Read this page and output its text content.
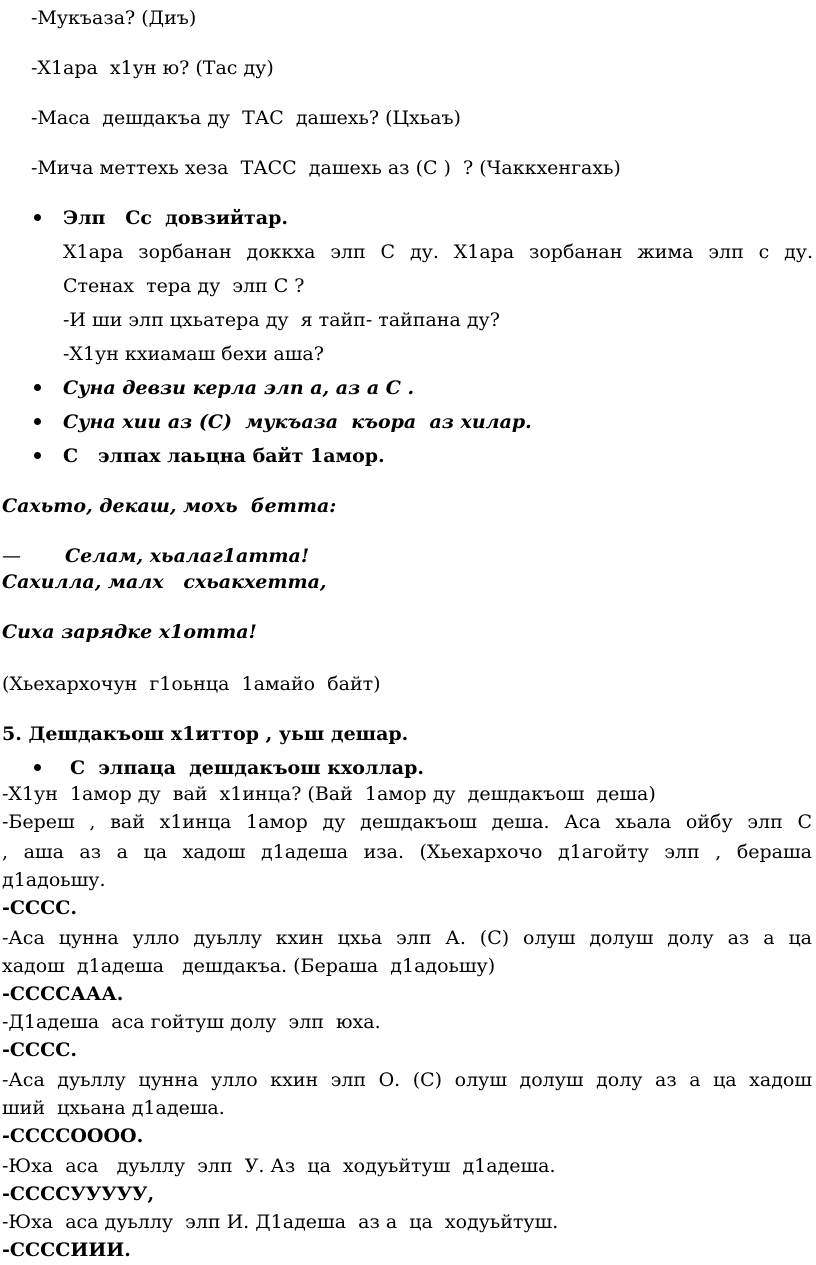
-Мукъаза? (Диъ)
-Х1ара  х1ун ю? (Тас ду)
-Маса  дешдакъа ду  ТАС  дашехь? (Цхьаъ)
-Мича меттехь хеза  ТАСС  дашехь аз (С )  ? (Чаккхенгахь)
Элп   Сс  довзийтар.
Х1ара зорбанан доккха элп С ду. Х1ара зорбанан жима элп с ду.
Стенах  тера ду  элп С ?
-И ши элп цхьатера ду  я тайп- тайпана ду?
-Х1ун кхиамаш бехи аша?
Суна девзи керла элп а, аз а С .
Суна хии аз (С)  мукъаза  къора  аз хилар.
С   элпах лаьцна байт 1амор.
Сахьто, декаш, мохь  бетта:
— Селам, хьалаг1атта!
Сахилла, малх   схьакхетта,
Сиха зарядке х1отта!
(Хьехархочун  г1оьнца  1амайо  байт)
5. Дешдакъош х1иттор , уьш дешар.
С  элпаца  дешдакъош кхоллар.
-Х1ун  1амор ду  вай  х1инца? (Вай  1амор ду  дешдакъош  деша)
-Береш , вай х1инца 1амор ду дешдакъош деша. Аса хьала ойбу элп С
, аша аз а ца хадош д1адеша иза. (Хьехархочо д1агойту элп , бераша
д1адоьшу.
-СССС.
-Аса цунна улло дуьллу кхин цхьа элп А. (С) олуш долуш долу аз а ца
хадош  д1адеша   дешдакъа. (Бераша  д1адоьшу)
-ССССААА.
-Д1адеша  аса гойтуш долу  элп  юха.
-СССС.
-Аса дуьллу цунна улло кхин элп О. (С) олуш долуш долу аз а ца хадош
ший  цхьана д1адеша.
-ССССОООО.
-Юха  аса   дуьллу  элп  У. Аз  ца  ходуьйтуш  д1адеша.
-ССССУУУУУ,
-Юха  аса дуьллу  элп И. Д1адеша  аз а  ца  ходуьйтуш.
-ССССИИИ.
